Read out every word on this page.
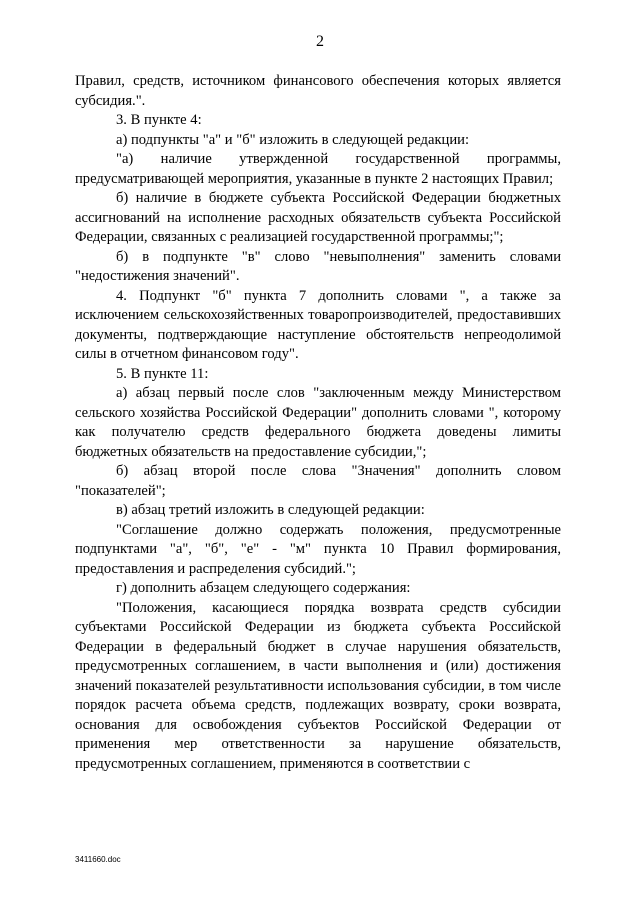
2

Правил, средств, источником финансового обеспечения которых является субсидия.".

3. В пункте 4:

а) подпункты "а" и "б" изложить в следующей редакции:

"а) наличие утвержденной государственной программы, предусматривающей мероприятия, указанные в пункте 2 настоящих Правил;

б) наличие в бюджете субъекта Российской Федерации бюджетных ассигнований на исполнение расходных обязательств субъекта Российской Федерации, связанных с реализацией государственной программы;";

б) в подпункте "в" слово "невыполнения" заменить словами "недостижения значений".

4. Подпункт "б" пункта 7 дополнить словами ", а также за исключением сельскохозяйственных товаропроизводителей, предоставивших документы, подтверждающие наступление обстоятельств непреодолимой силы в отчетном финансовом году".

5. В пункте 11:

а) абзац первый после слов "заключенным между Министерством сельского хозяйства Российской Федерации" дополнить словами ", которому как получателю средств федерального бюджета доведены лимиты бюджетных обязательств на предоставление субсидии,";

б) абзац второй после слова "Значения" дополнить словом "показателей";

в) абзац третий изложить в следующей редакции:

"Соглашение должно содержать положения, предусмотренные подпунктами "а", "б", "е" - "м" пункта 10 Правил формирования, предоставления и распределения субсидий.";

г) дополнить абзацем следующего содержания:

"Положения, касающиеся порядка возврата средств субсидии субъектами Российской Федерации из бюджета субъекта Российской Федерации в федеральный бюджет в случае нарушения обязательств, предусмотренных соглашением, в части выполнения и (или) достижения значений показателей результативности использования субсидии, в том числе порядок расчета объема средств, подлежащих возврату, сроки возврата, основания для освобождения субъектов Российской Федерации от применения мер ответственности за нарушение обязательств, предусмотренных соглашением, применяются в соответствии с

3411660.doc
